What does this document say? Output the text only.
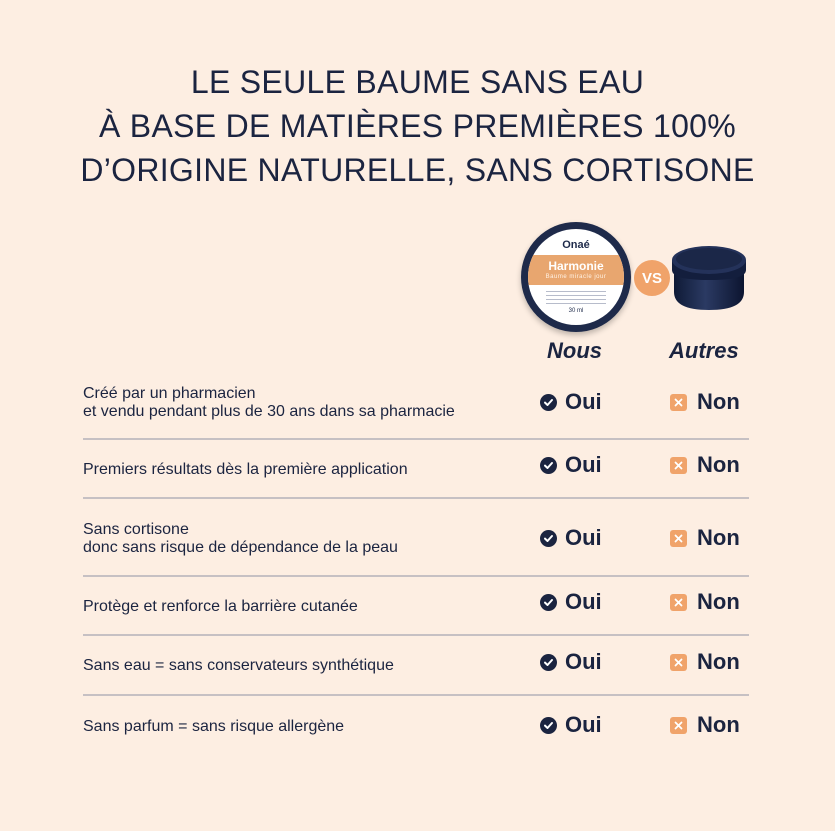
LE SEULE BAUME SANS EAU
À BASE DE MATIÈRES PREMIÈRES 100%
D’ORIGINE NATURELLE, SANS CORTISONE
Onaé
Harmonie
Baume miracle jour
30 ml
VS
Nous	Autres
Créé par un pharmacien
et vendu pendant plus de 30 ans dans sa pharmacie	Oui	Non
Premiers résultats dès la première application	Oui	Non
Sans cortisone
donc sans risque de dépendance de la peau	Oui	Non
Protège et renforce la barrière cutanée	Oui	Non
Sans eau = sans conservateurs synthétique	Oui	Non
Sans parfum = sans risque allergène	Oui	Non
